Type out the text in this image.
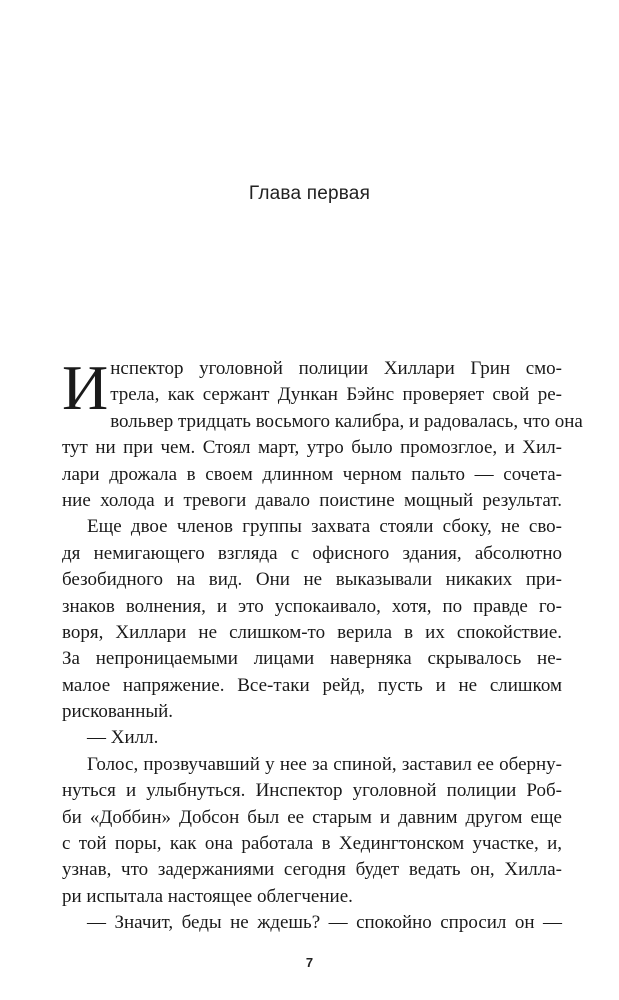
Глава первая
И нспектор уголовной полиции Хиллари Грин смо-
трела, как сержант Дункан Бэйнс проверяет свой ре-
вольвер тридцать восьмого калибра, и радовалась, что она
тут ни при чем. Стоял март, утро было промозглое, и Хил-
лари дрожала в своем длинном черном пальто — сочета-
ние холода и тревоги давало поистине мощный результат.
Еще двое членов группы захвата стояли сбоку, не сво-
дя немигающего взгляда с офисного здания, абсолютно
безобидного на вид. Они не выказывали никаких при-
знаков волнения, и это успокаивало, хотя, по правде го-
воря, Хиллари не слишком-то верила в их спокойствие.
За непроницаемыми лицами наверняка скрывалось не-
малое напряжение. Все-таки рейд, пусть и не слишком
рискованный.
— Хилл.
Голос, прозвучавший у нее за спиной, заставил ее оберну-
нуться и улыбнуться. Инспектор уголовной полиции Роб-
би «Доббин» Добсон был ее старым и давним другом еще
с той поры, как она работала в Хедингтонском участке, и,
узнав, что задержаниями сегодня будет ведать он, Хилла-
ри испытала настоящее облегчение.
— Значит, беды не ждешь? — спокойно спросил он —
7
